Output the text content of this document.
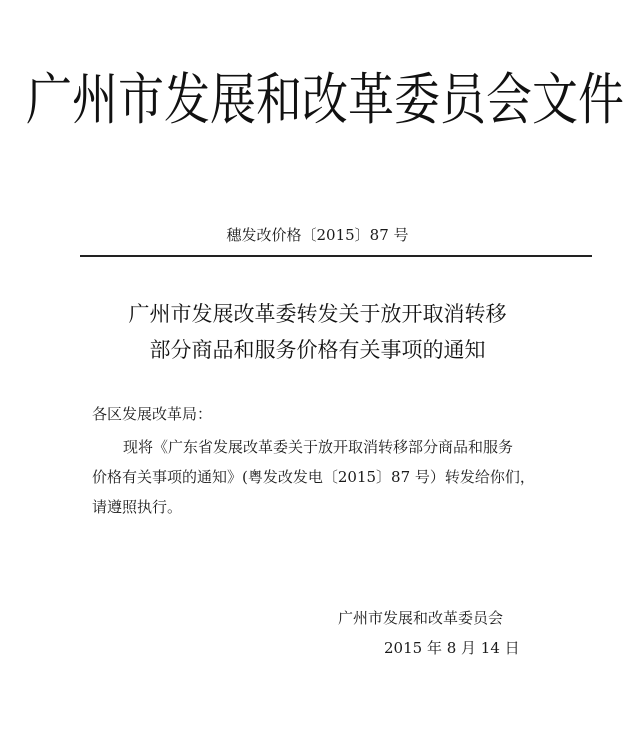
广州市发展和改革委员会文件
穗发改价格〔2015〕87 号
广州市发展改革委转发关于放开取消转移
部分商品和服务价格有关事项的通知
各区发展改革局：
现将《广东省发展改革委关于放开取消转移部分商品和服务
价格有关事项的通知》(粤发改发电〔2015〕87 号）转发给你们，
请遵照执行。
广州市发展和改革委员会
2015 年 8 月 14 日
